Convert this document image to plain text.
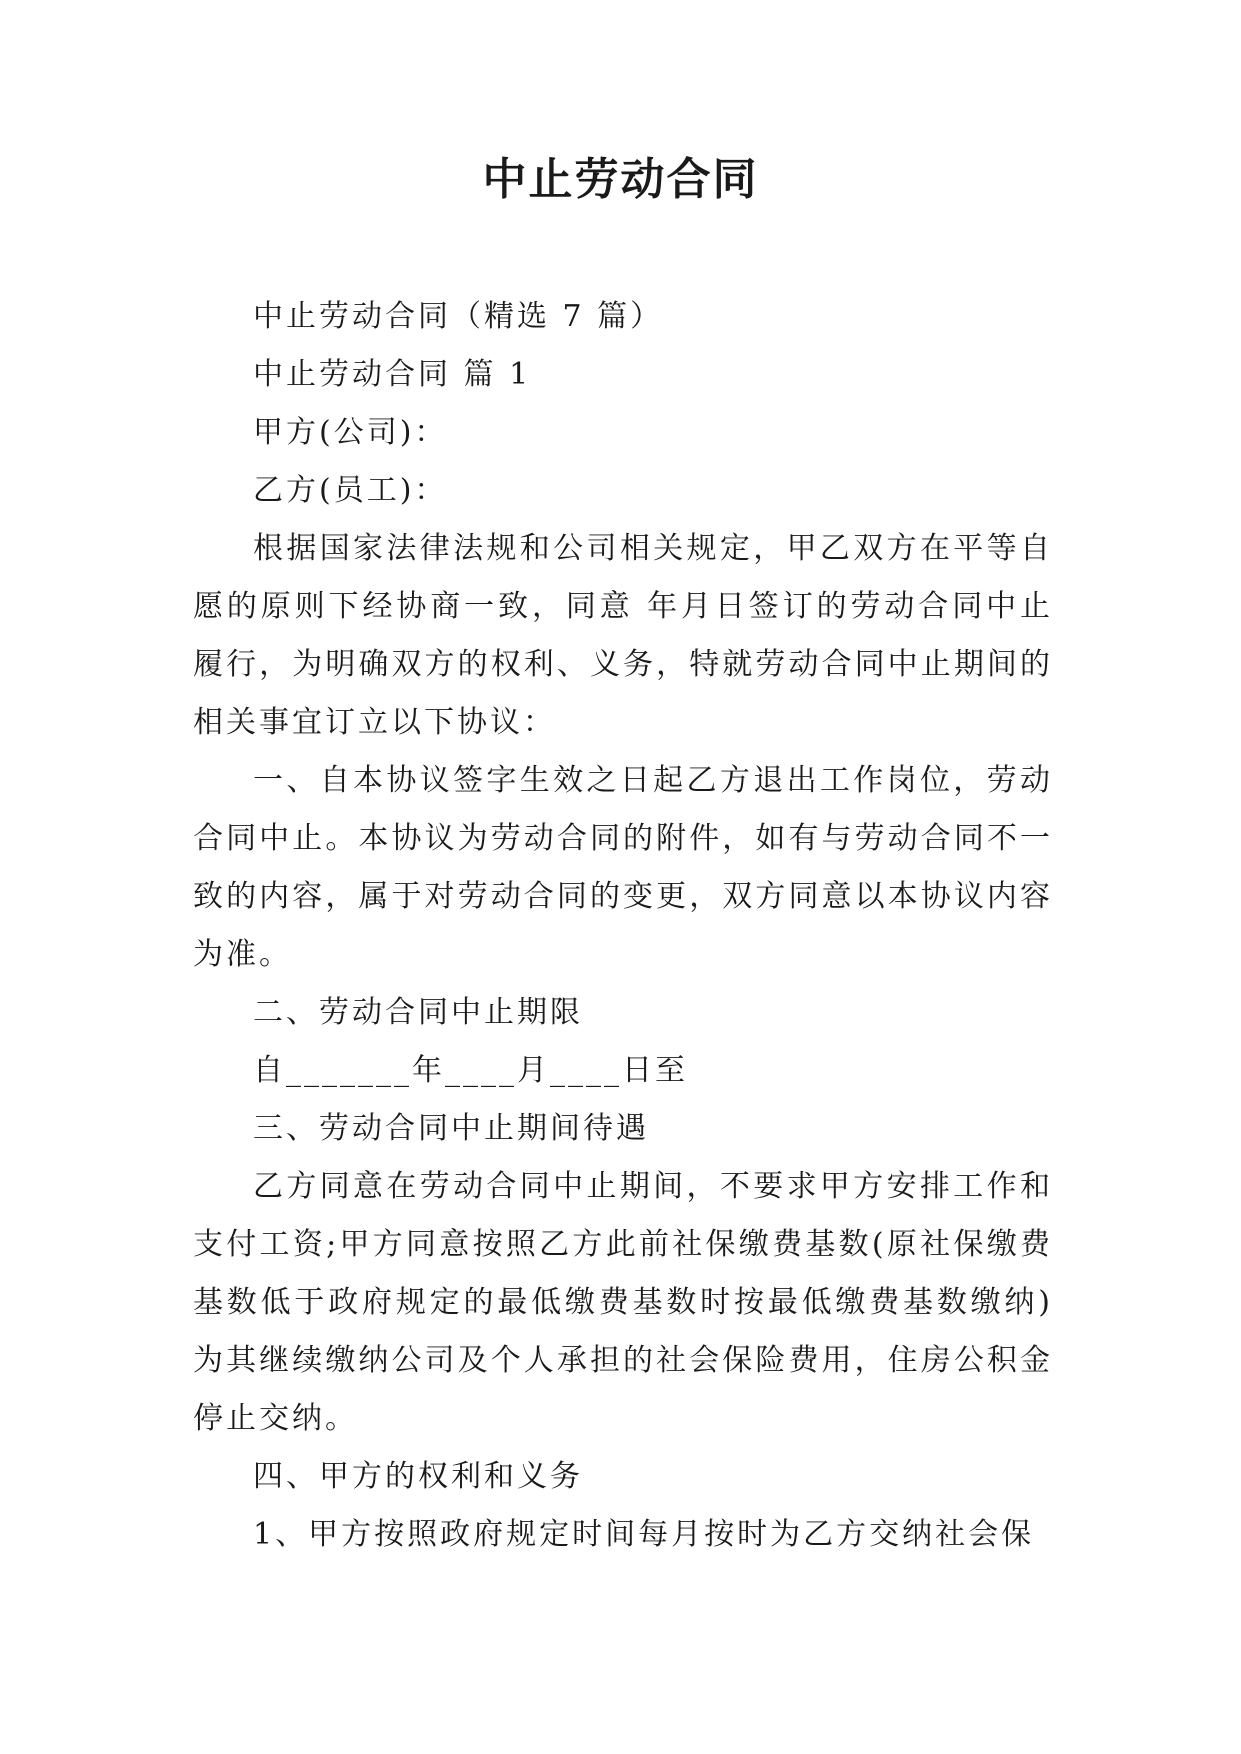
中止劳动合同

中止劳动合同（精选 7 篇）

中止劳动合同 篇 1

甲方(公司)：

乙方(员工)：

根据国家法律法规和公司相关规定，甲乙双方在平等自愿的原则下经协商一致，同意 年月日签订的劳动合同中止履行，为明确双方的权利、义务，特就劳动合同中止期间的相关事宜订立以下协议：

一、自本协议签字生效之日起乙方退出工作岗位，劳动合同中止。本协议为劳动合同的附件，如有与劳动合同不一致的内容，属于对劳动合同的变更，双方同意以本协议内容为准。

二、劳动合同中止期限

自_______年____月____日至

三、劳动合同中止期间待遇

乙方同意在劳动合同中止期间，不要求甲方安排工作和支付工资;甲方同意按照乙方此前社保缴费基数(原社保缴费基数低于政府规定的最低缴费基数时按最低缴费基数缴纳)为其继续缴纳公司及个人承担的社会保险费用，住房公积金停止交纳。

四、甲方的权利和义务

1、甲方按照政府规定时间每月按时为乙方交纳社会保
